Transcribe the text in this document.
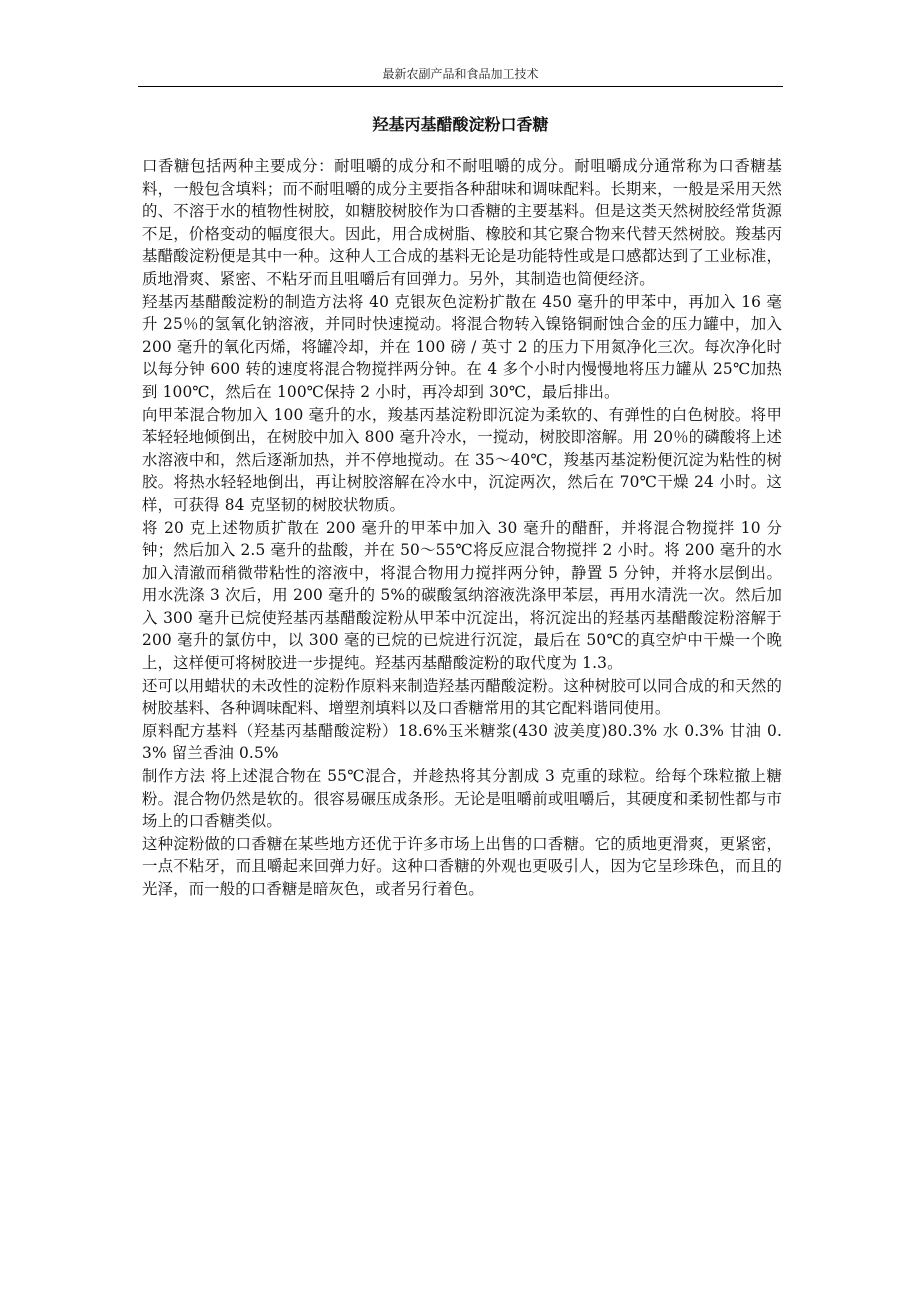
最新农副产品和食品加工技术
羟基丙基醋酸淀粉口香糖

口香糖包括两种主要成分：耐咀嚼的成分和不耐咀嚼的成分。耐咀嚼成分通常称为口香糖基料，一般包含填料；而不耐咀嚼的成分主要指各种甜味和调味配料。长期来，一般是采用天然的、不溶于水的植物性树胶，如糖胶树胶作为口香糖的主要基料。但是这类天然树胶经常货源不足，价格变动的幅度很大。因此，用合成树脂、橡胶和其它聚合物来代替天然树胶。羧基丙基醋酸淀粉便是其中一种。这种人工合成的基料无论是功能特性或是口感都达到了工业标准，质地滑爽、紧密、不粘牙而且咀嚼后有回弹力。另外，其制造也简便经济。

羟基丙基醋酸淀粉的制造方法将 40 克银灰色淀粉扩散在 450 毫升的甲苯中，再加入 16 毫升 25％的氢氧化钠溶液，并同时快速搅动。将混合物转入镍铬铜耐蚀合金的压力罐中，加入 200 毫升的氧化丙烯，将罐冷却，并在 100 磅 / 英寸 2 的压力下用氮净化三次。每次净化时以每分钟 600 转的速度将混合物搅拌两分钟。在 4 多个小时内慢慢地将压力罐从 25℃加热到 100℃，然后在 100℃保持 2 小时，再冷却到 30℃，最后排出。

向甲苯混合物加入 100 毫升的水，羧基丙基淀粉即沉淀为柔软的、有弹性的白色树胶。将甲苯轻轻地倾倒出，在树胶中加入 800 毫升冷水，一搅动，树胶即溶解。用 20％的磷酸将上述水溶液中和，然后逐渐加热，并不停地搅动。在 35～40℃，羧基丙基淀粉便沉淀为粘性的树胶。将热水轻轻地倒出，再让树胶溶解在冷水中，沉淀两次，然后在 70℃干燥 24 小时。这样，可获得 84 克坚韧的树胶状物质。

将 20 克上述物质扩散在 200 毫升的甲苯中加入 30 毫升的醋酐，并将混合物搅拌 10 分钟；然后加入 2.5 毫升的盐酸，并在 50～55℃将反应混合物搅拌 2 小时。将 200 毫升的水加入清澈而稍微带粘性的溶液中，将混合物用力搅拌两分钟，静置 5 分钟，并将水层倒出。用水洗涤 3 次后，用 200 毫升的 5%的碳酸氢纳溶液洗涤甲苯层，再用水清洗一次。然后加入 300 毫升已烷使羟基丙基醋酸淀粉从甲苯中沉淀出，将沉淀出的羟基丙基醋酸淀粉溶解于 200 毫升的氯仿中，以 300 毫的已烷的已烷进行沉淀，最后在 50℃的真空炉中干燥一个晚上，这样便可将树胶进一步提纯。羟基丙基醋酸淀粉的取代度为 1.3。

还可以用蜡状的未改性的淀粉作原料来制造羟基丙醋酸淀粉。这种树胶可以同合成的和天然的树胶基料、各种调味配料、增塑剂填料以及口香糖常用的其它配料谐同使用。

原料配方基料（羟基丙基醋酸淀粉）18.6%玉米糖浆(430 波美度)80.3% 水 0.3% 甘油 0.3% 留兰香油 0.5%

制作方法 将上述混合物在 55℃混合，并趁热将其分割成 3 克重的球粒。给每个珠粒撤上糖粉。混合物仍然是软的。很容易碾压成条形。无论是咀嚼前或咀嚼后，其硬度和柔韧性都与市场上的口香糖类似。

这种淀粉做的口香糖在某些地方还优于许多市场上出售的口香糖。它的质地更滑爽，更紧密，一点不粘牙，而且嚼起来回弹力好。这种口香糖的外观也更吸引人，因为它呈珍珠色，而且的光泽，而一般的口香糖是暗灰色，或者另行着色。
